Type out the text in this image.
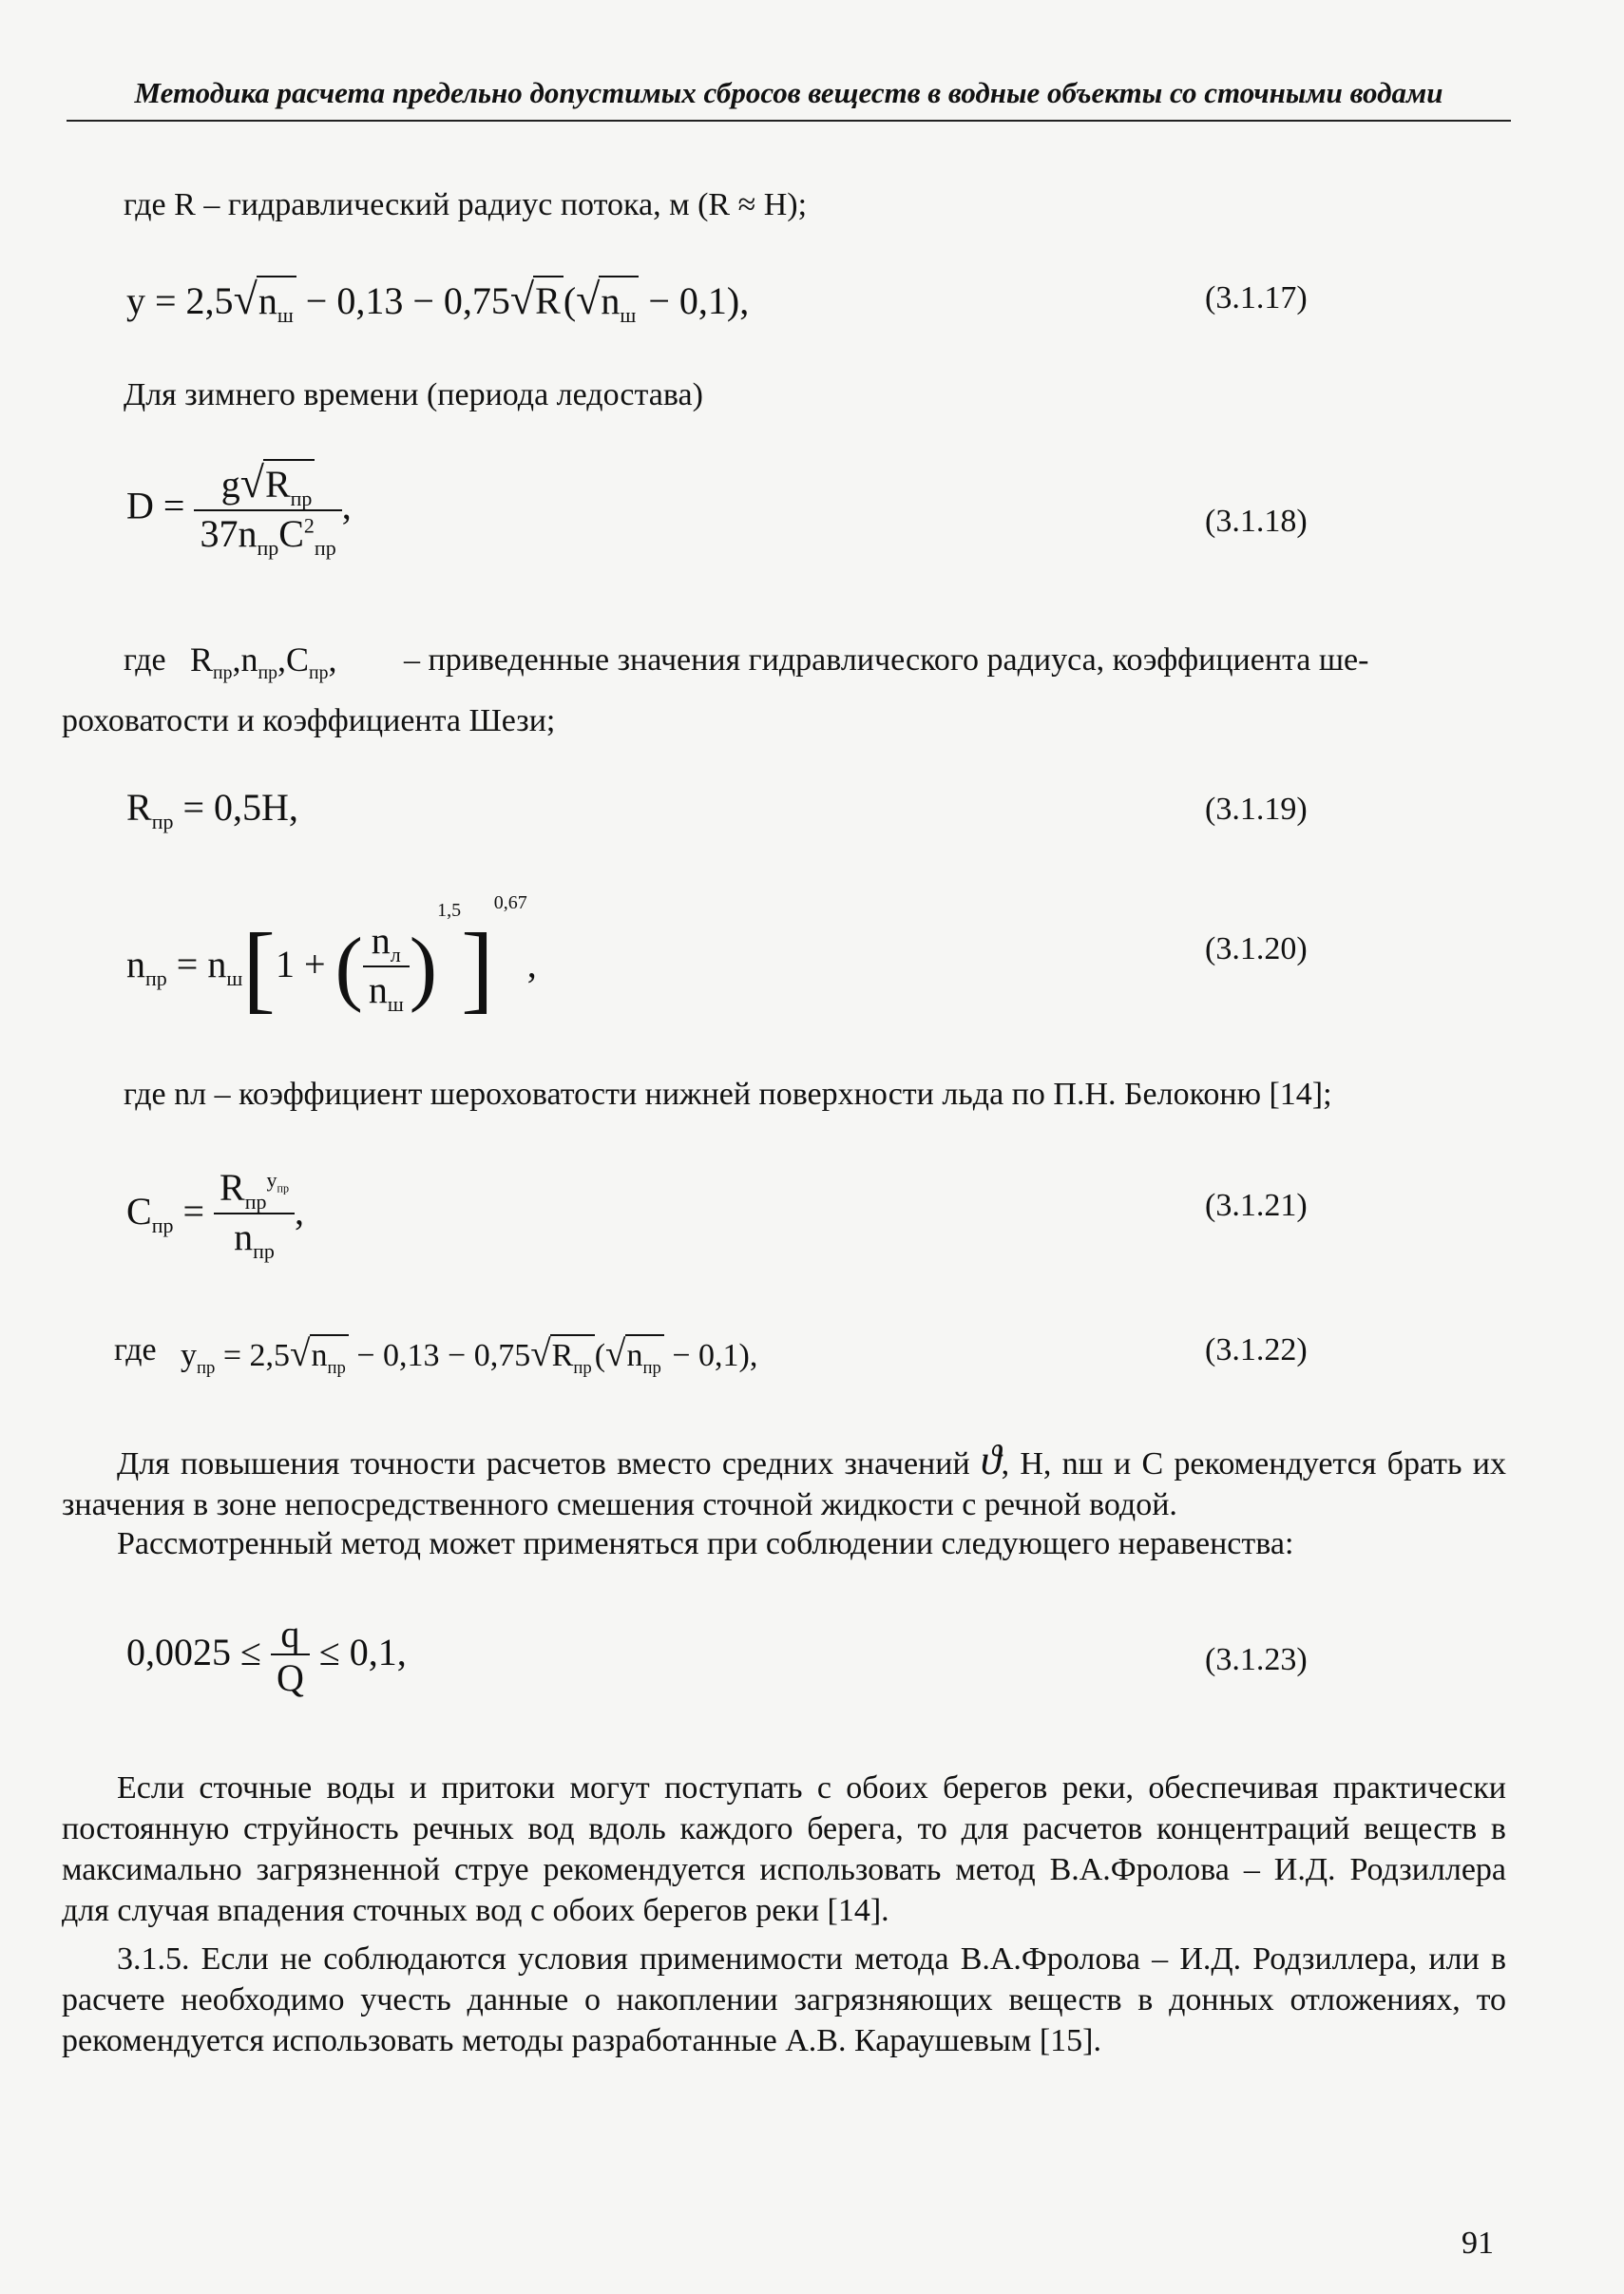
Методика расчета предельно допустимых сбросов веществ в водные объекты со сточными водами
где R – гидравлический радиус потока, м (R ≈ H);
$y = 2,5√n_ш - 0,13 - 0,75√R(√n_ш - 0,1)$,	(3.1.17)
Для зимнего времени (периода ледостава)
$D = \frac{g√R_{пр}}{37n_{пр}C^2_{пр}}$ ,	(3.1.18)
где $R_{пр},n_{пр},C_{пр}$, – приведенные значения гидравлического радиуса, коэффициента ше-
роховатости и коэффициента Шези;
$R_{пр} = 0,5H$,	(3.1.19)
$n_{пр} = n_ш[1$ + ( $\frac{n_л}{n_ш} )^{1,5}]^{0,67}$,	(3.1.20)
где nл – коэффициент шероховатости нижней поверхности льда по П.Н. Белоконю [14];
$C_{пр} = \frac{R_{пр}^{y_{пр}}}{n_{пр}}$ ,	(3.1.21)
где $y_{пр} = 2,5√n_{пр} - 0,13 - 0,75√R_{пр}(√n_{пр} - 0,1)$,	(3.1.22)
Для повышения точности расчетов вместо средних значений ϑ, H, nш и C рекомендуется брать их значения в зоне непосредственного смешения сточной жидкости с речной водой.
Рассмотренный метод может применяться при соблюдении следующего неравенства:
$0,0025 \le \frac{q}{Q} \le 0,1$,	(3.1.23)
Если сточные воды и притоки могут поступать с обоих берегов реки, обеспечивая практически постоянную струйность речных вод вдоль каждого берега, то для расчетов концентраций веществ в максимально загрязненной струе рекомендуется использовать метод В.А.Фролова – И.Д. Родзиллера для случая впадения сточных вод с обоих берегов реки [14].
3.1.5. Если не соблюдаются условия применимости метода В.А.Фролова – И.Д. Родзиллера, или в расчете необходимо учесть данные о накоплении загрязняющих веществ в донных отложениях, то рекомендуется использовать методы разработанные А.В. Караушевым [15].
91
